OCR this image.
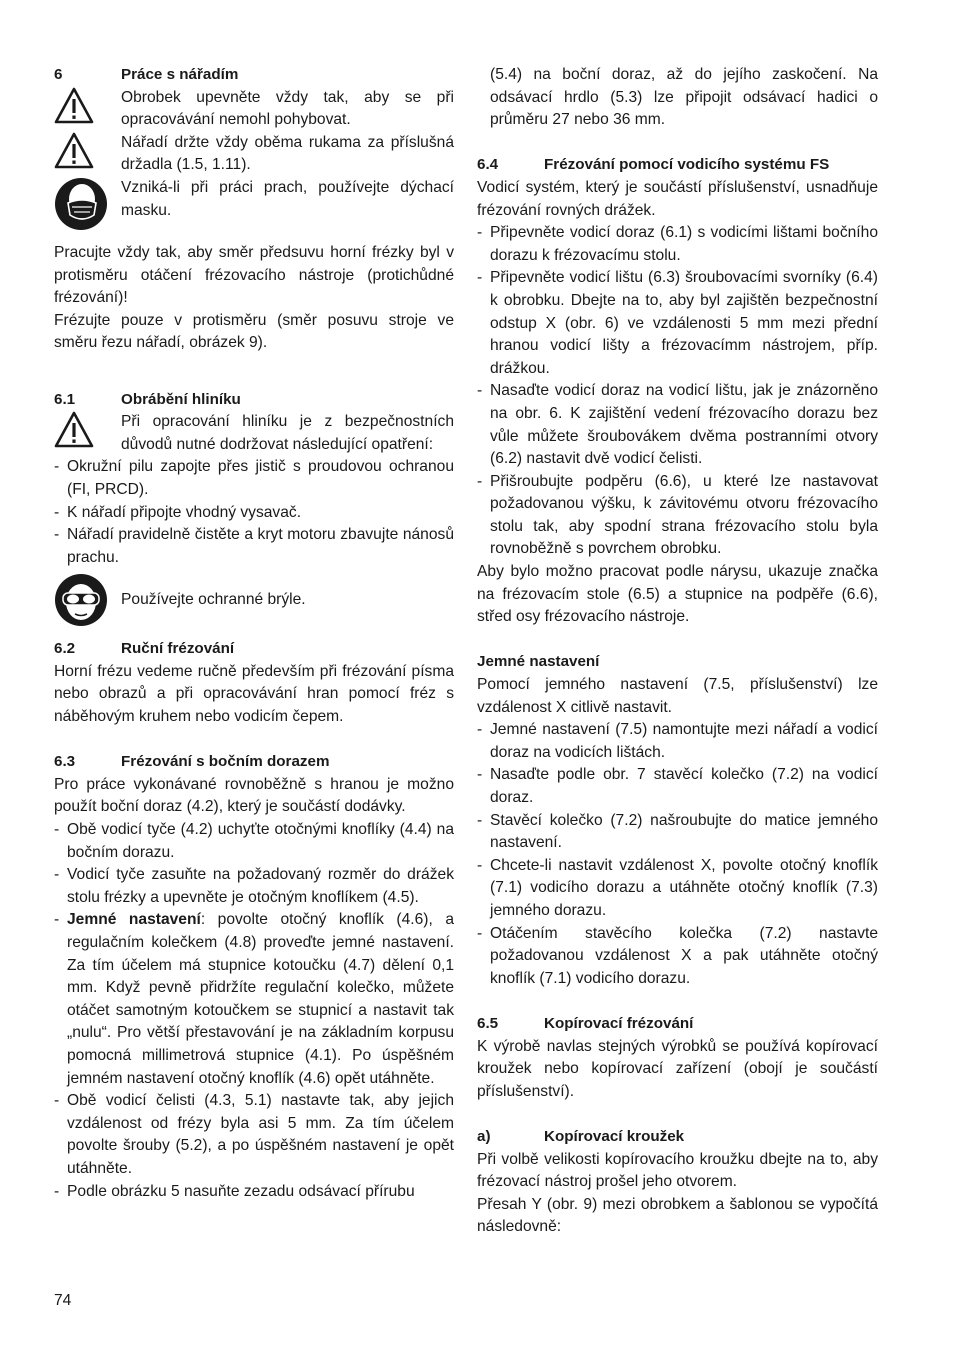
6	Práce s nářadím

Obrobek upevněte vždy tak, aby se při opracovávání nemohl pohybovat.

Nářadí držte vždy oběma rukama za příslušná držadla (1.5, 1.11).

Vzniká-li při práci prach, používejte dýchací masku.

Pracujte vždy tak, aby směr předsuvu horní frézky byl v protisměru otáčení frézovacího nástroje (protichůdné frézování)!

Frézujte pouze v protisměru (směr posuvu stroje ve směru řezu nářadí, obrázek 9).

6.1	Obrábění hliníku

Při opracování hliníku je z bezpečnostních důvodů nutné dodržovat následující opatření:

- Okružní pilu zapojte přes jistič s proudovou ochranou (FI, PRCD).
- K nářadí připojte vhodný vysavač.
- Nářadí pravidelně čistěte a kryt motoru zbavujte nánosů prachu.

Používejte ochranné brýle.

6.2	Ruční frézování

Horní frézu vedeme ručně především při frézování písma nebo obrazů a při opracovávání hran pomocí fréz s náběhovým kruhem nebo vodicím čepem.

6.3	Frézování s bočním dorazem

Pro práce vykonávané rovnoběžně s hranou je možno použít boční doraz (4.2), který je součástí dodávky.

- Obě vodicí tyče (4.2) uchyťte otočnými knoflíky (4.4) na bočním dorazu.
- Vodicí tyče zasuňte na požadovaný rozměr do drážek stolu frézky a upevněte je otočným knoflíkem (4.5).
- Jemné nastavení: povolte otočný knoflík (4.6), a regulačním kolečkem (4.8) proveďte jemné nastavení. Za tím účelem má stupnice kotoučku (4.7) dělení 0,1 mm. Když pevně přidržíte regulační kolečko, můžete otáčet samotným kotoučkem se stupnicí a nastavit tak „nulu“. Pro větší přestavování je na základním korpusu pomocná millimetrová stupnice (4.1). Po úspěšném jemném nastavení otočný knoflík (4.6) opět utáhněte.
- Obě vodicí čelisti (4.3, 5.1) nastavte tak, aby jejich vzdálenost od frézy byla asi 5 mm. Za tím účelem povolte šrouby (5.2), a po úspěšném nastavení je opět utáhněte.
- Podle obrázku 5 nasuňte zezadu odsávací přírubu

(5.4) na boční doraz, až do jejího zaskočení. Na odsávací hrdlo (5.3) lze připojit odsávací hadici o průměru 27 nebo 36 mm.

6.4	Frézování pomocí vodicího systému FS

Vodicí systém, který je součástí příslušenství, usnadňuje frézování rovných drážek.

- Připevněte vodicí doraz (6.1) s vodicími lištami bočního dorazu k frézovacímu stolu.
- Připevněte vodicí lištu (6.3) šroubovacími svorníky (6.4) k obrobku. Dbejte na to, aby byl zajištěn bezpečnostní odstup X (obr. 6) ve vzdálenosti 5 mm mezi přední hranou vodicí lišty a frézovacímm nástrojem, příp. drážkou.
- Nasaďte vodicí doraz na vodicí lištu, jak je znázorněno na obr. 6. K zajištění vedení frézovacího dorazu bez vůle můžete šroubovákem dvěma postranními otvory (6.2) nastavit dvě vodicí čelisti.
- Přišroubujte podpěru (6.6), u které lze nastavovat požadovanou výšku, k závitovému otvoru frézovacího stolu tak, aby spodní strana frézovacího stolu byla rovnoběžně s povrchem obrobku.

Aby bylo možno pracovat podle nárysu, ukazuje značka na frézovacím stole (6.5) a stupnice na podpěře (6.6), střed osy frézovacího nástroje.

Jemné nastavení

Pomocí jemného nastavení (7.5, příslušenství) lze vzdálenost X citlivě nastavit.

- Jemné nastavení (7.5) namontujte mezi nářadí a vodicí doraz na vodicích lištách.
- Nasaďte podle obr. 7 stavěcí kolečko (7.2) na vodicí doraz.
- Stavěcí kolečko (7.2) našroubujte do matice jemného nastavení.
- Chcete-li nastavit vzdálenost X, povolte otočný knoflík (7.1) vodicího dorazu a utáhněte otočný knoflík (7.3) jemného dorazu.
- Otáčením stavěcího kolečka (7.2) nastavte požadovanou vzdálenost X a pak utáhněte otočný knoflík (7.1) vodicího dorazu.
6.5	Kopírovací frézování

K výrobě navlas stejných výrobků se používá kopírovací kroužek nebo kopírovací zařízení (obojí je součástí příslušenství).

a)	Kopírovací kroužek

Při volbě velikosti kopírovacího kroužku dbejte na to, aby frézovací nástroj prošel jeho otvorem.

Přesah Y (obr. 9) mezi obrobkem a šablonou se vypočítá následovně:

74
